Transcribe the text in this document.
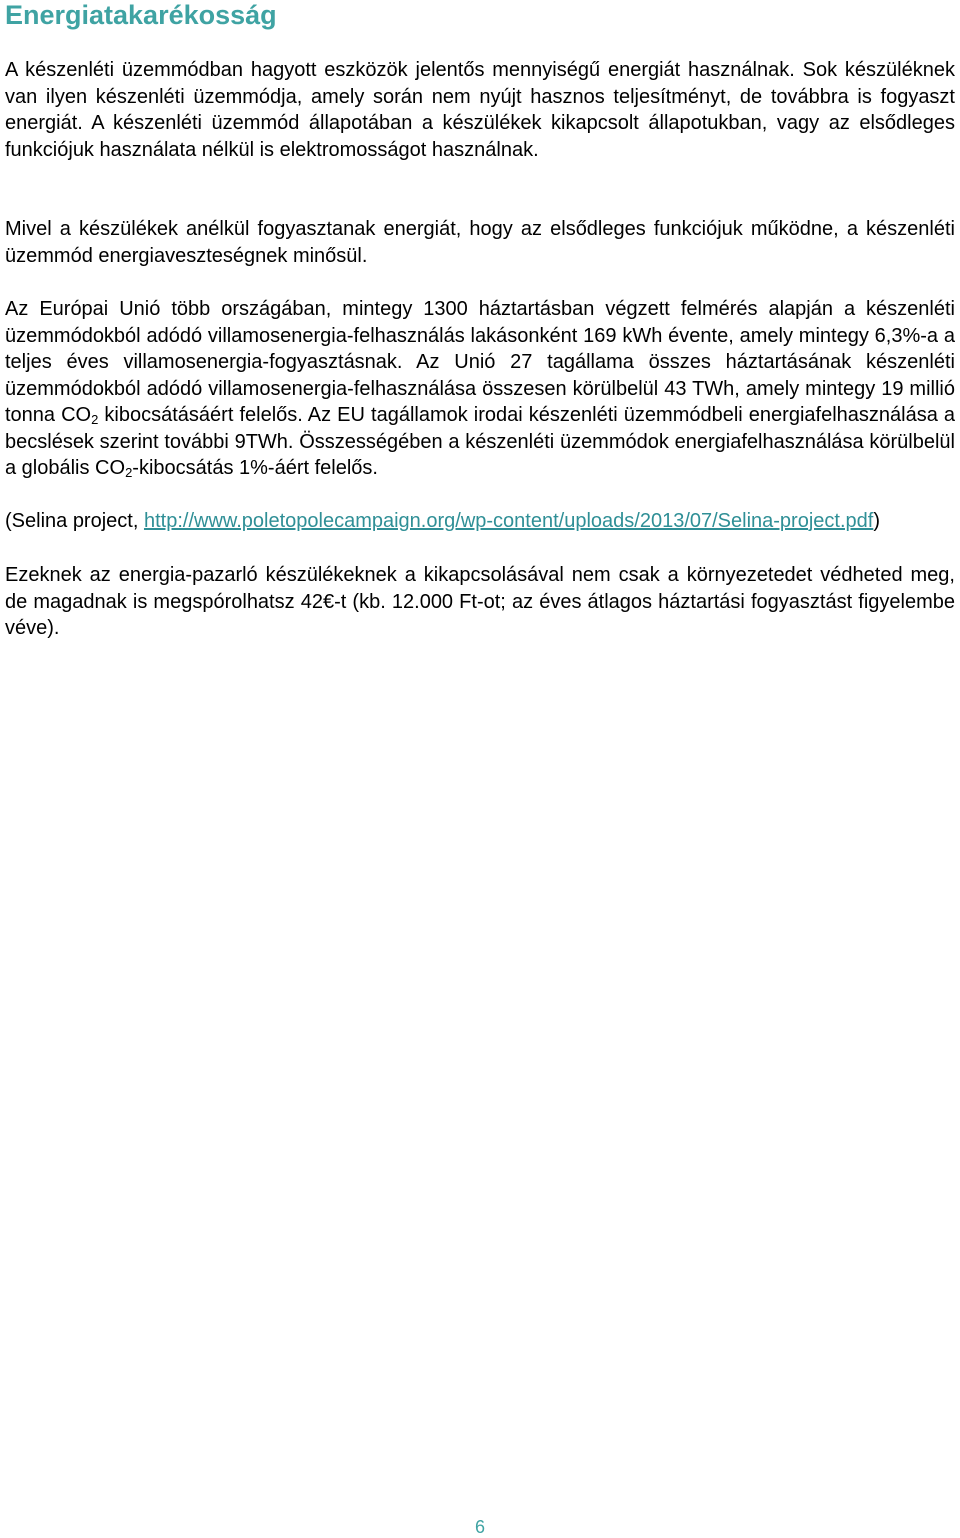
Energiatakarékosság

A készenléti üzemmódban hagyott eszközök jelentős mennyiségű energiát használnak. Sok készüléknek van ilyen készenléti üzemmódja, amely során nem nyújt hasznos teljesítményt, de továbbra is fogyaszt energiát. A készenléti üzemmód állapotában a készülékek kikapcsolt állapotukban, vagy az elsődleges funkciójuk használata nélkül is elektromosságot használnak.

Mivel a készülékek anélkül fogyasztanak energiát, hogy az elsődleges funkciójuk működne, a készenléti üzemmód energiaveszteségnek minősül.

Az Európai Unió több országában, mintegy 1300 háztartásban végzett felmérés alapján a készenléti üzemmódokból adódó villamosenergia-felhasználás lakásonként 169 kWh évente, amely mintegy 6,3%-a a teljes éves villamosenergia-fogyasztásnak. Az Unió 27 tagállama összes háztartásának készenléti üzemmódokból adódó villamosenergia-felhasználása összesen körülbelül 43 TWh, amely mintegy 19 millió tonna $CO_2$ kibocsátásáért felelős. Az EU tagállamok irodai készenléti üzemmódbeli energiafelhasználása a becslések szerint további 9TWh. Összességében a készenléti üzemmódok energiafelhasználása körülbelül a globális $CO_2$-kibocsátás 1%-áért felelős.

(Selina project, http://www.poletopolecampaign.org/wp-content/uploads/2013/07/Selina-project.pdf)

Ezeknek az energia-pazarló készülékeknek a kikapcsolásával nem csak a környezetedet védheted meg, de magadnak is megspórolhatsz 42€-t (kb. 12.000 Ft-ot; az éves átlagos háztartási fogyasztást figyelembe véve).

6
